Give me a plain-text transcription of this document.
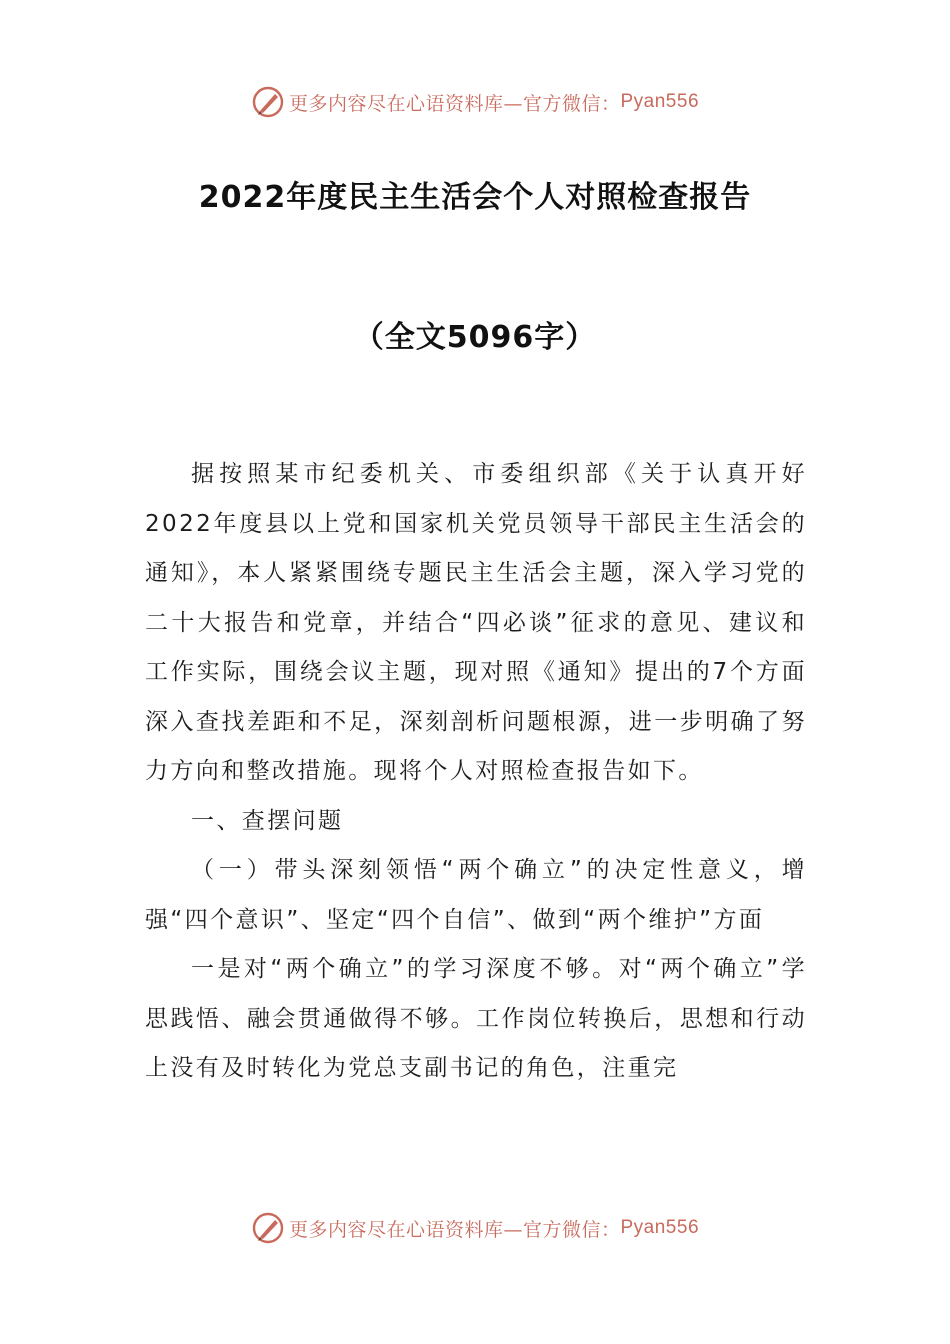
更多内容尽在心语资料库—官方微信： Pyan556
2022年度民主生活会个人对照检查报告
（全文5096字）

据按照某市纪委机关、市委组织部《关于认真开好2022年度县以上党和国家机关党员领导干部民主生活会的通知》，本人紧紧围绕专题民主生活会主题，深入学习党的二十大报告和党章，并结合“四必谈”征求的意见、建议和工作实际，围绕会议主题，现对照《通知》提出的7个方面深入查找差距和不足，深刻剖析问题根源，进一步明确了努力方向和整改措施。现将个人对照检查报告如下。

一、查摆问题

（一）带头深刻领悟“两个确立”的决定性意义，增强“四个意识”、坚定“四个自信”、做到“两个维护”方面

一是对“两个确立”的学习深度不够。对“两个确立”学思践悟、融会贯通做得不够。工作岗位转换后，思想和行动上没有及时转化为党总支副书记的角色，注重完

更多内容尽在心语资料库—官方微信： Pyan556
